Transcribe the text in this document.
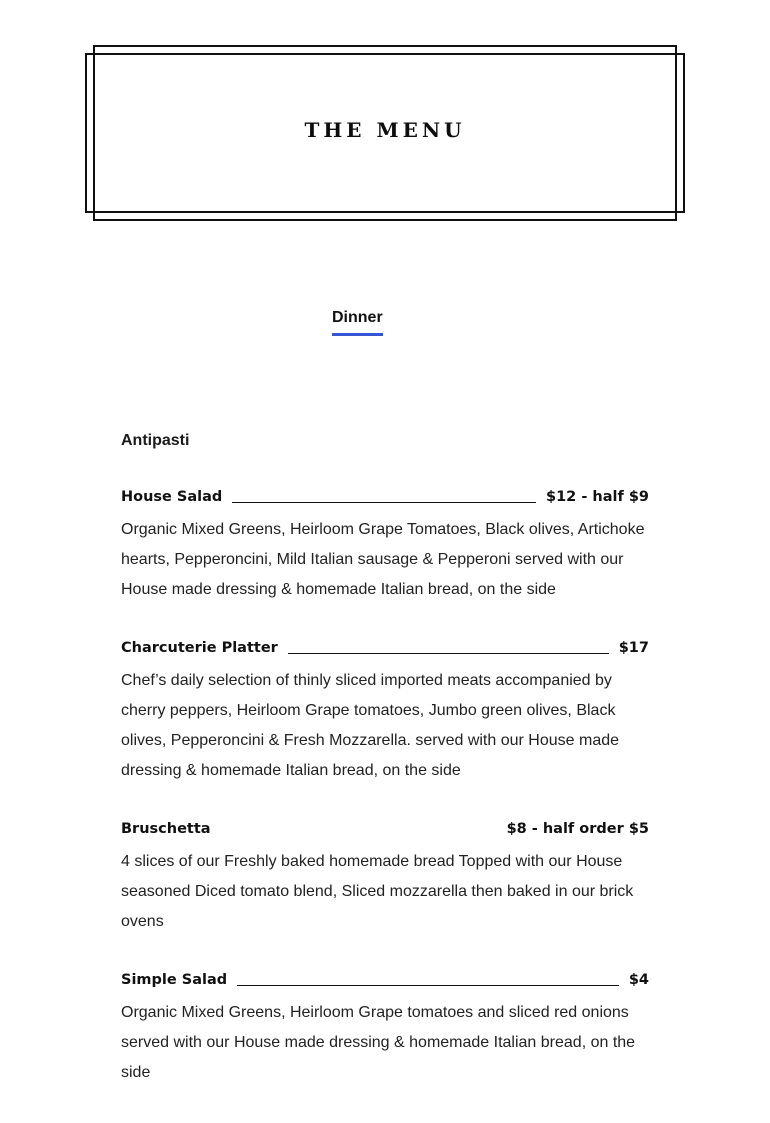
THE MENU
Dinner
Antipasti
House Salad	$12 - half $9

Organic Mixed Greens, Heirloom Grape Tomatoes, Black olives, Artichoke hearts, Pepperoncini, Mild Italian sausage & Pepperoni served with our House made dressing & homemade Italian bread, on the side

Charcuterie Platter	$17

Chef’s daily selection of thinly sliced imported meats accompanied by cherry peppers, Heirloom Grape tomatoes, Jumbo green olives, Black olives, Pepperoncini & Fresh Mozzarella. served with our House made dressing & homemade Italian bread, on the side

Bruschetta	$8 - half order $5

4 slices of our Freshly baked homemade bread Topped with our House seasoned Diced tomato blend, Sliced mozzarella then baked in our brick ovens

Simple Salad	$4

Organic Mixed Greens, Heirloom Grape tomatoes and sliced red onions served with our House made dressing & homemade Italian bread, on the side
